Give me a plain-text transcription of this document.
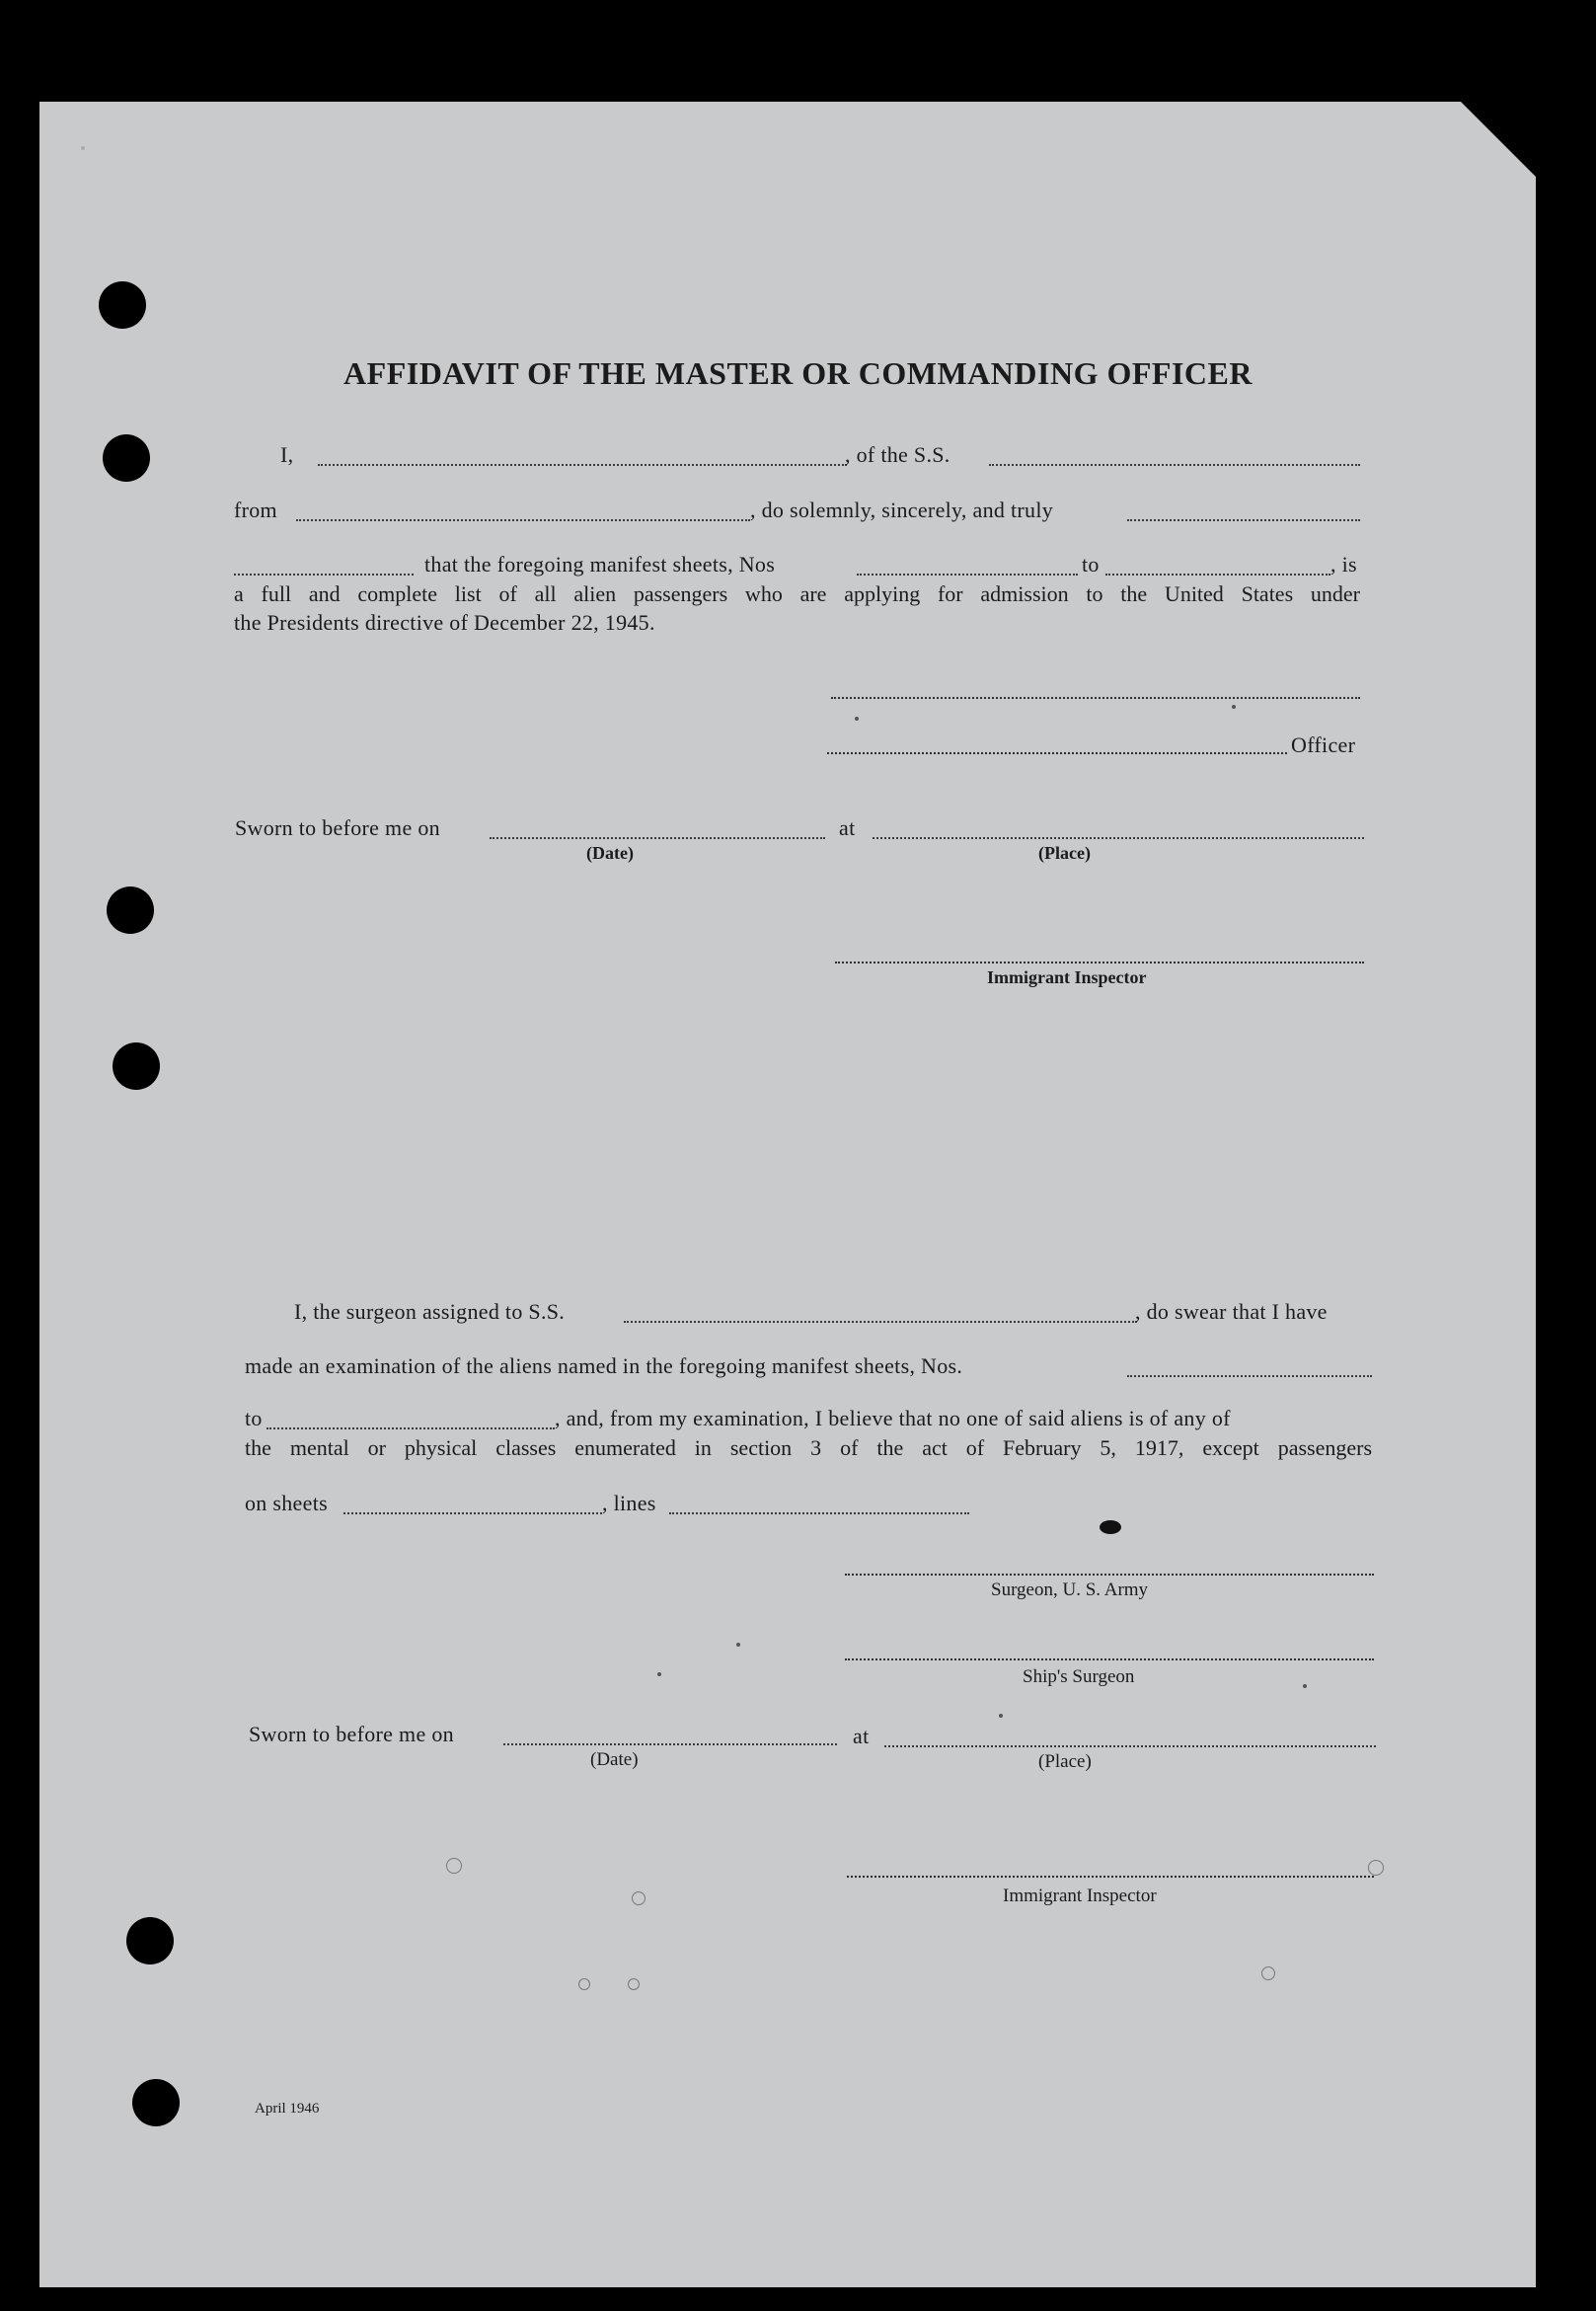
AFFIDAVIT OF THE MASTER OR COMMANDING OFFICER
I,	, of the S.S.
from	, do solemnly, sincerely, and truly
that the foregoing manifest sheets, Nos	to	, is
a full and complete list of all alien passengers who are applying for admission to the United States under
the Presidents directive of December 22, 1945.
Officer
Sworn to before me on	at
(Date)	(Place)
Immigrant Inspector
I, the surgeon assigned to S.S.	, do swear that I have
made an examination of the aliens named in the foregoing manifest sheets, Nos.
to	, and, from my examination, I believe that no one of said aliens is of any of
the mental or physical classes enumerated in section 3 of the act of February 5, 1917, except passengers
on sheets	, lines
Surgeon, U. S. Army
Ship's Surgeon
Sworn to before me on	at
(Date)	(Place)
Immigrant Inspector
April 1946
